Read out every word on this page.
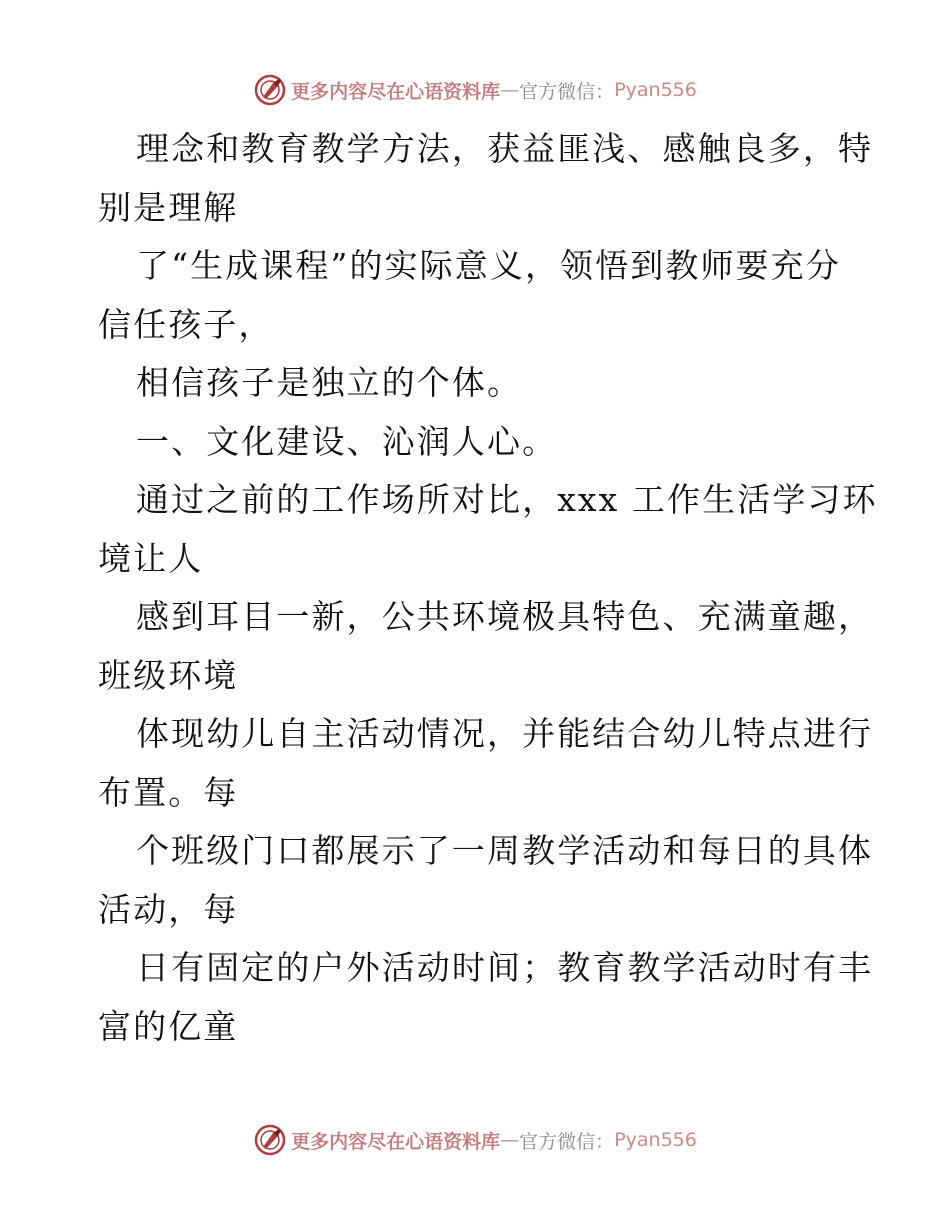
更多内容尽在心语资料库 — 官方微信： Pyan556
理念和教育教学方法，获益匪浅、感触良多，特
别是理解
了“生成课程”的实际意义，领悟到教师要充分
信任孩子，
相信孩子是独立的个体。
一、文化建设、沁润人心。
通过之前的工作场所对比，xxx 工作生活学习环
境让人
感到耳目一新，公共环境极具特色、充满童趣，
班级环境
体现幼儿自主活动情况，并能结合幼儿特点进行
布置。每
个班级门口都展示了一周教学活动和每日的具体
活动，每
日有固定的户外活动时间；教育教学活动时有丰
富的亿童
更多内容尽在心语资料库 — 官方微信： Pyan556
